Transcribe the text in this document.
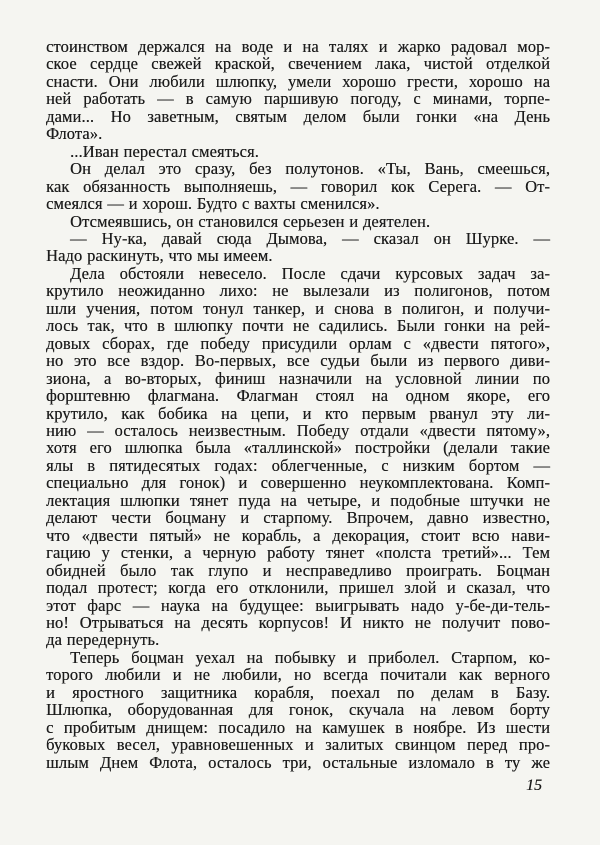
стоинством держался на воде и на талях и жарко радовал мор-
ское сердце свежей краской, свечением лака, чистой отделкой
снасти. Они любили шлюпку, умели хорошо грести, хорошо на
ней работать — в самую паршивую погоду, с минами, торпе-
дами... Но заветным, святым делом были гонки «на День
Флота».
...Иван перестал смеяться.
Он делал это сразу, без полутонов. «Ты, Вань, смеешься,
как обязанность выполняешь, — говорил кок Серега. — От-
смеялся — и хорош. Будто с вахты сменился».
Отсмеявшись, он становился серьезен и деятелен.
— Ну-ка, давай сюда Дымова, — сказал он Шурке. —
Надо раскинуть, что мы имеем.
Дела обстояли невесело. После сдачи курсовых задач за-
крутило неожиданно лихо: не вылезали из полигонов, потом
шли учения, потом тонул танкер, и снова в полигон, и получи-
лось так, что в шлюпку почти не садились. Были гонки на рей-
довых сборах, где победу присудили орлам с «двести пятого»,
но это все вздор. Во-первых, все судьи были из первого диви-
зиона, а во-вторых, финиш назначили на условной линии по
форштевню флагмана. Флагман стоял на одном якоре, его
крутило, как бобика на цепи, и кто первым рванул эту ли-
нию — осталось неизвестным. Победу отдали «двести пятому»,
хотя его шлюпка была «таллинской» постройки (делали такие
ялы в пятидесятых годах: облегченные, с низким бортом —
специально для гонок) и совершенно неукомплектована. Комп-
лектация шлюпки тянет пуда на четыре, и подобные штучки не
делают чести боцману и старпому. Впрочем, давно известно,
что «двести пятый» не корабль, а декорация, стоит всю нави-
гацию у стенки, а черную работу тянет «полста третий»... Тем
обидней было так глупо и несправедливо проиграть. Боцман
подал протест; когда его отклонили, пришел злой и сказал, что
этот фарс — наука на будущее: выигрывать надо у-бе-ди-тель-
но! Отрываться на десять корпусов! И никто не получит пово-
да передернуть.
Теперь боцман уехал на побывку и приболел. Старпом, ко-
торого любили и не любили, но всегда почитали как верного
и яростного защитника корабля, поехал по делам в Базу.
Шлюпка, оборудованная для гонок, скучала на левом борту
с пробитым днищем: посадило на камушек в ноябре. Из шести
буковых весел, уравновешенных и залитых свинцом перед про-
шлым Днем Флота, осталось три, остальные изломало в ту же
15
